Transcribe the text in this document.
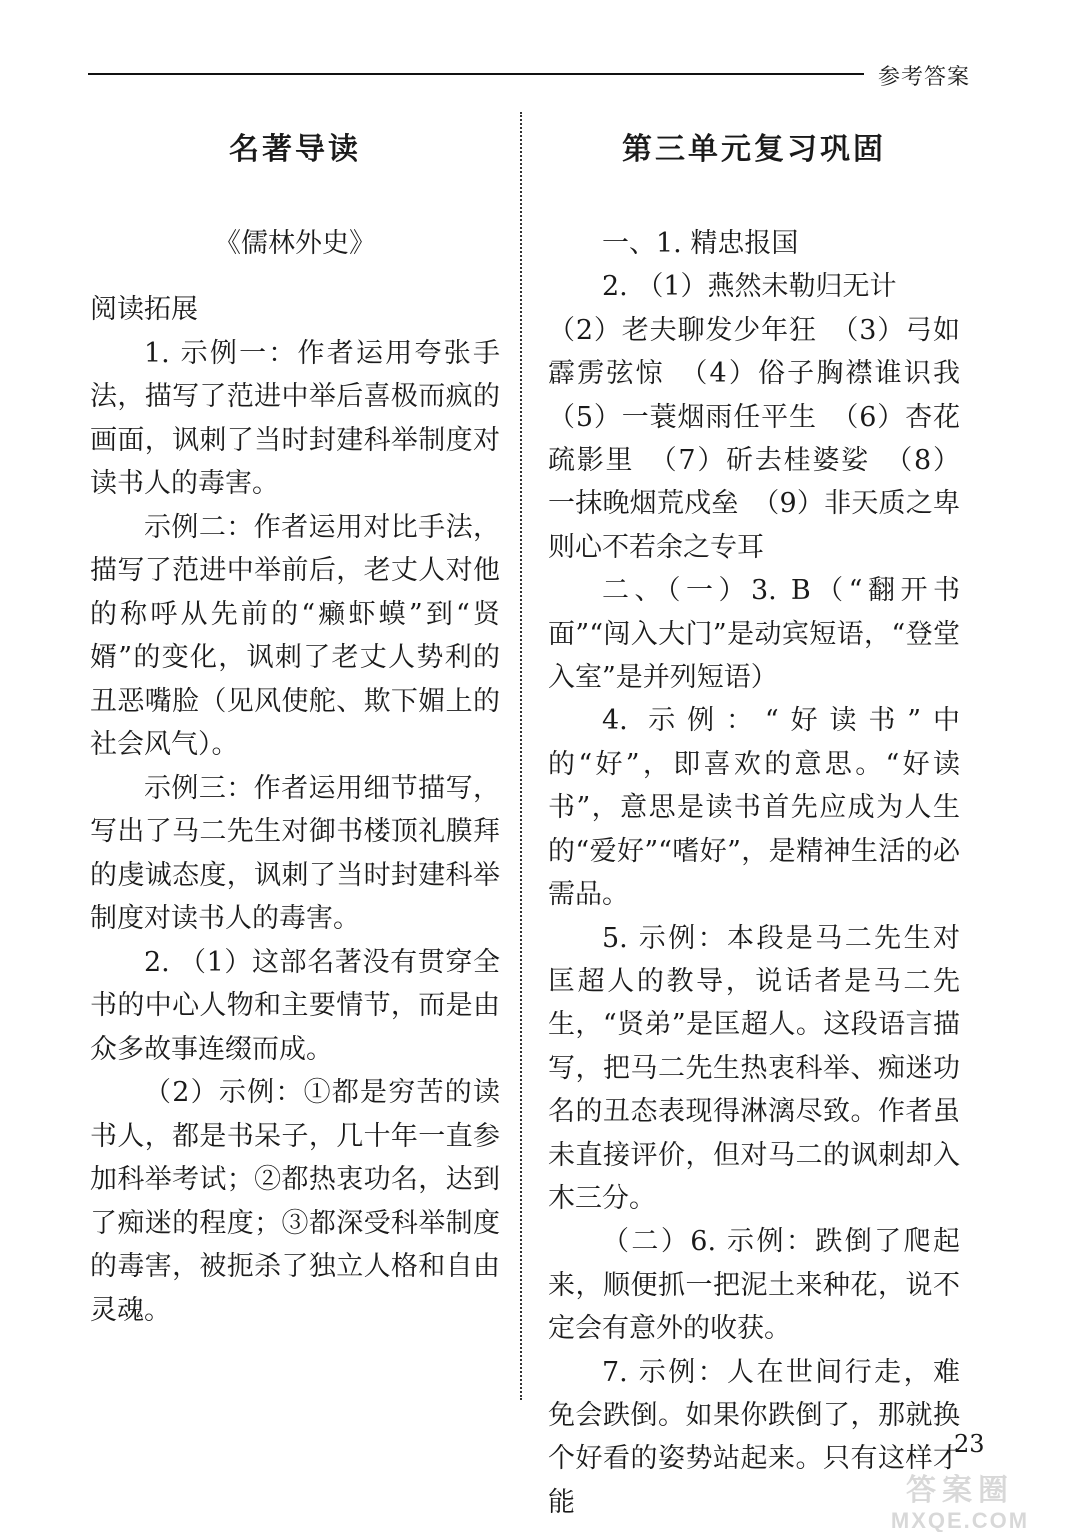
参考答案
名著导读
《儒林外史》
阅读拓展
1. 示例一：作者运用夸张手法，描写了范进中举后喜极而疯的画面，讽刺了当时封建科举制度对读书人的毒害。
示例二：作者运用对比手法，描写了范进中举前后，老丈人对他的称呼从先前的“癞虾蟆”到“贤婿”的变化，讽刺了老丈人势利的丑恶嘴脸（见风使舵、欺下媚上的社会风气）。
示例三：作者运用细节描写，写出了马二先生对御书楼顶礼膜拜的虔诚态度，讽刺了当时封建科举制度对读书人的毒害。
2. （1）这部名著没有贯穿全书的中心人物和主要情节，而是由众多故事连缀而成。
（2）示例：①都是穷苦的读书人，都是书呆子，几十年一直参加科举考试；②都热衷功名，达到了痴迷的程度；③都深受科举制度的毒害，被扼杀了独立人格和自由灵魂。
第三单元复习巩固
一、1. 精忠报国
2. （1）燕然未勒归无计
（2）老夫聊发少年狂　（3）弓如霹雳弦惊　（4）俗子胸襟谁识我　（5）一蓑烟雨任平生　（6）杏花疏影里　（7）斫去桂婆娑　（8）一抹晚烟荒戍垒　（9）非天质之卑则心不若余之专耳
二、（一）3. B（“翻开书面”“闯入大门”是动宾短语，“登堂入室”是并列短语）
4. 示例：“好读书”中的“好”，即喜欢的意思。“好读书”，意思是读书首先应成为人生的“爱好”“嗜好”，是精神生活的必需品。
5. 示例：本段是马二先生对匡超人的教导，说话者是马二先生，“贤弟”是匡超人。这段语言描写，把马二先生热衷科举、痴迷功名的丑态表现得淋漓尽致。作者虽未直接评价，但对马二的讽刺却入木三分。
（二）6. 示例：跌倒了爬起来，顺便抓一把泥土来种花，说不定会有意外的收获。
7. 示例：人在世间行走，难免会跌倒。如果你跌倒了，那就换个好看的姿势站起来。只有这样才能
23
答案圈
MXQE.COM
